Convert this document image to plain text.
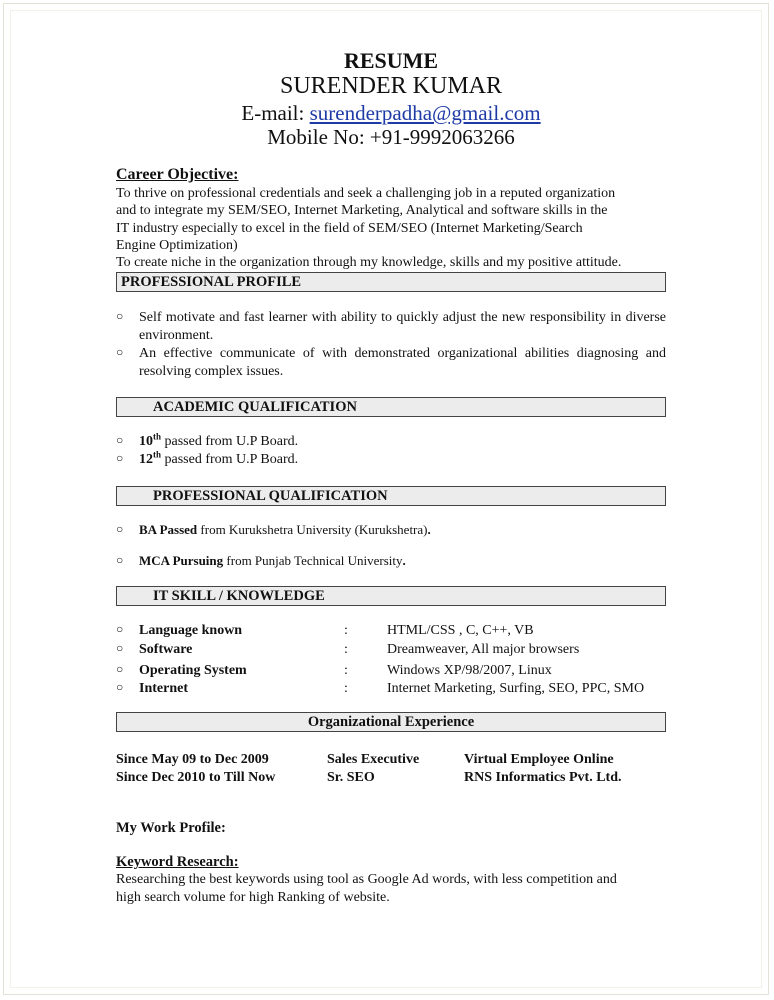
RESUME
SURENDER KUMAR
E-mail: surenderpadha@gmail.com
Mobile No: +91-9992063266
Career Objective:
To thrive on professional credentials and seek a challenging job in a reputed organization
and to integrate my SEM/SEO, Internet Marketing, Analytical and software skills in the
IT industry especially to excel in the field of SEM/SEO (Internet Marketing/Search
Engine Optimization)
To create niche in the organization through my knowledge, skills and my positive attitude.
PROFESSIONAL PROFILE
○ Self motivate and fast learner with ability to quickly adjust the new responsibility in diverse environment.
○ An effective communicate of with demonstrated organizational abilities diagnosing and resolving complex issues.
ACADEMIC QUALIFICATION
○ 10th passed from U.P Board.
○ 12th passed from U.P Board.
PROFESSIONAL QUALIFICATION
○ BA Passed from Kurukshetra University (Kurukshetra).
○ MCA Pursuing from Punjab Technical University.
IT SKILL / KNOWLEDGE
○ Language known	:	HTML/CSS , C, C++, VB
○ Software	:	Dreamweaver, All major browsers
○ Operating System	:	Windows XP/98/2007, Linux
○ Internet	:	Internet Marketing, Surfing, SEO, PPC, SMO
Organizational Experience
Since May 09 to Dec 2009	Sales Executive	Virtual Employee Online
Since Dec 2010 to Till Now	Sr. SEO	RNS Informatics Pvt. Ltd.
My Work Profile:
Keyword Research:
Researching the best keywords using tool as Google Ad words, with less competition and
high search volume for high Ranking of website.
